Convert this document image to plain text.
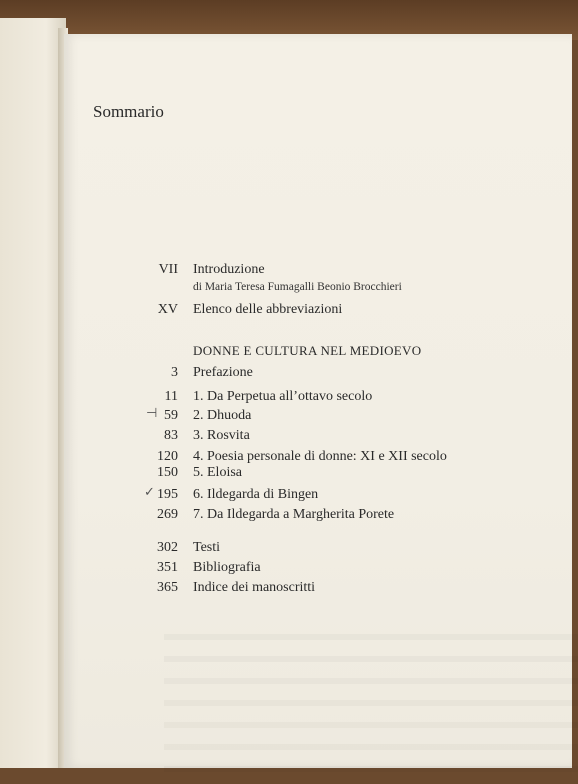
Sommario
VII Introduzione
di Maria Teresa Fumagalli Beonio Brocchieri
XV Elenco delle abbreviazioni
DONNE E CULTURA NEL MEDIOEVO
3 Prefazione
11 1. Da Perpetua all’ottavo secolo
⊣ 59 2. Dhuoda
83 3. Rosvita
120 4. Poesia personale di donne: XI e XII secolo
150 5. Eloisa
✓ 195 6. Ildegarda di Bingen
269 7. Da Ildegarda a Margherita Porete
302 Testi
351 Bibliografia
365 Indice dei manoscritti
